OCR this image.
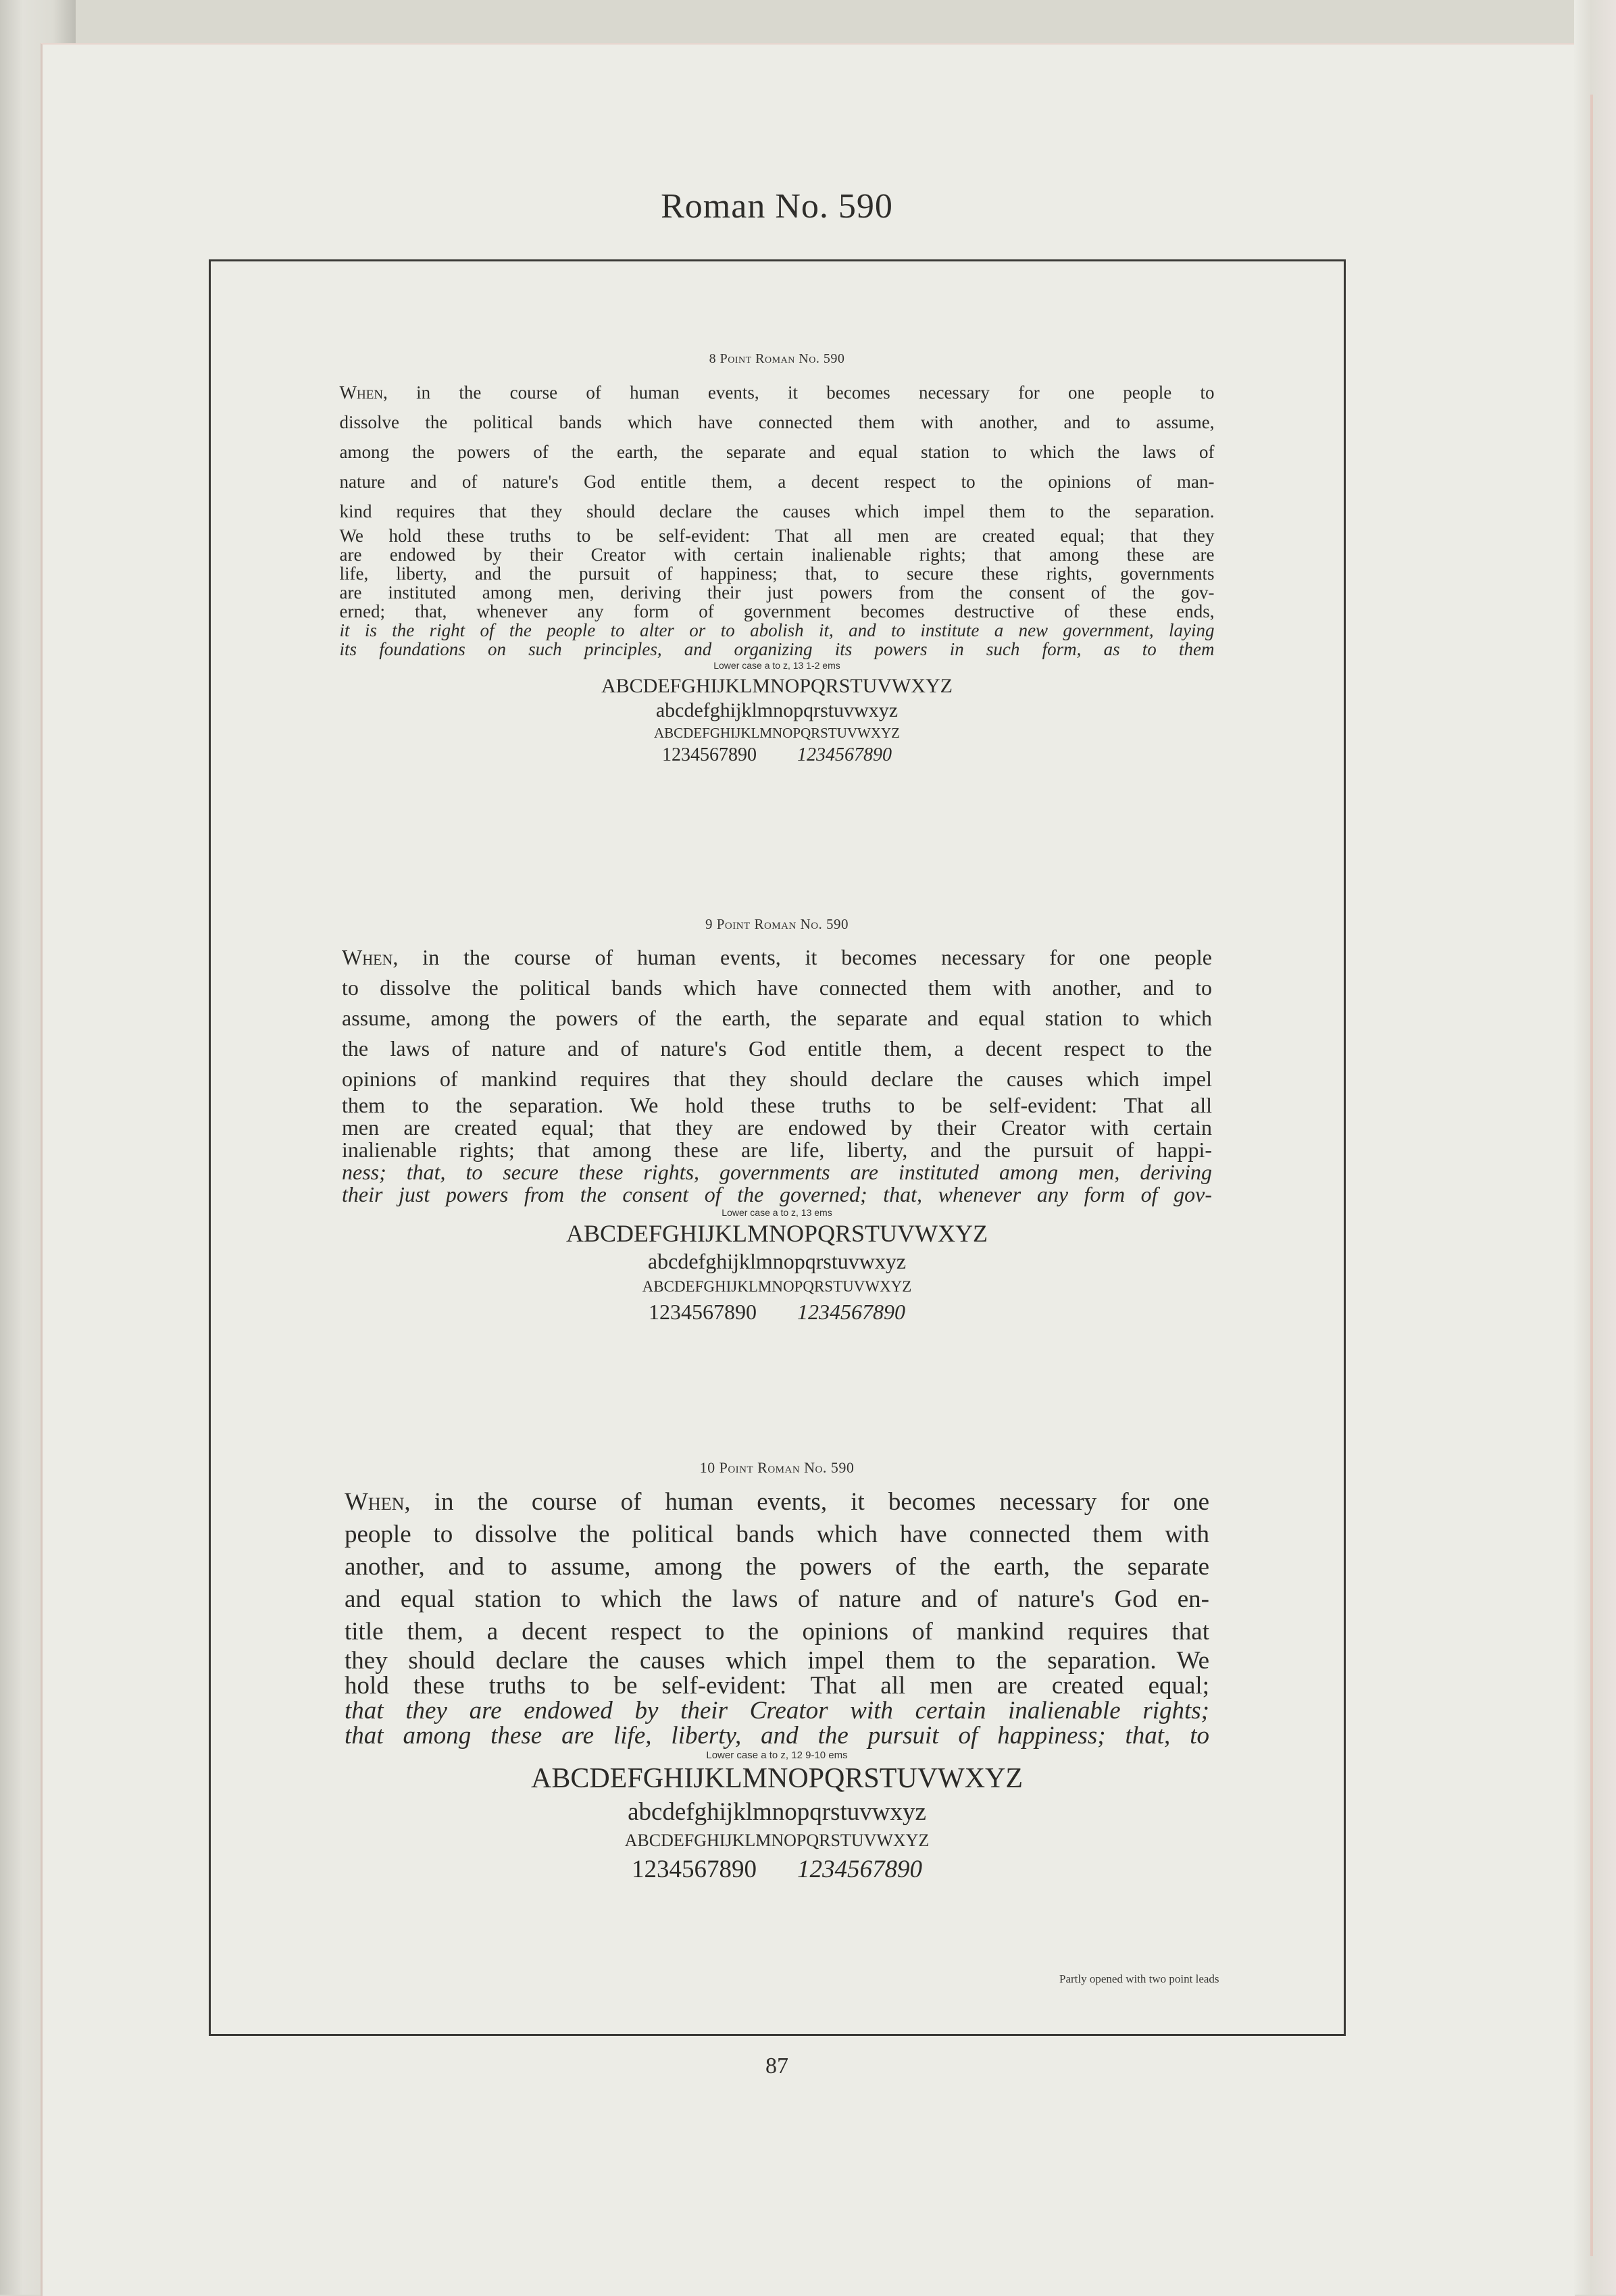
Roman No. 590
8 Point Roman No. 590
When, in the course of human events, it becomes necessary for one people to
dissolve the political bands which have connected them with another, and to assume,
among the powers of the earth, the separate and equal station to which the laws of
nature and of nature's God entitle them, a decent respect to the opinions of man-
kind requires that they should declare the causes which impel them to the separation.
We hold these truths to be self-evident: That all men are created equal; that they
are endowed by their Creator with certain inalienable rights; that among these are
life, liberty, and the pursuit of happiness; that, to secure these rights, governments
are instituted among men, deriving their just powers from the consent of the gov-
erned; that, whenever any form of government becomes destructive of these ends,
it is the right of the people to alter or to abolish it, and to institute a new government, laying
its foundations on such principles, and organizing its powers in such form, as to them
Lower case a to z, 13 1-2 ems
ABCDEFGHIJKLMNOPQRSTUVWXYZ
abcdefghijklmnopqrstuvwxyz
ABCDEFGHIJKLMNOPQRSTUVWXYZ
1234567890 1234567890
9 Point Roman No. 590
When, in the course of human events, it becomes necessary for one people
to dissolve the political bands which have connected them with another, and to
assume, among the powers of the earth, the separate and equal station to which
the laws of nature and of nature's God entitle them, a decent respect to the
opinions of mankind requires that they should declare the causes which impel
them to the separation. We hold these truths to be self-evident: That all
men are created equal; that they are endowed by their Creator with certain
inalienable rights; that among these are life, liberty, and the pursuit of happi-
ness; that, to secure these rights, governments are instituted among men, deriving
their just powers from the consent of the governed; that, whenever any form of gov-
Lower case a to z, 13 ems
ABCDEFGHIJKLMNOPQRSTUVWXYZ
abcdefghijklmnopqrstuvwxyz
ABCDEFGHIJKLMNOPQRSTUVWXYZ
1234567890 1234567890
10 Point Roman No. 590
When, in the course of human events, it becomes necessary for one
people to dissolve the political bands which have connected them with
another, and to assume, among the powers of the earth, the separate
and equal station to which the laws of nature and of nature's God en-
title them, a decent respect to the opinions of mankind requires that
they should declare the causes which impel them to the separation. We
hold these truths to be self-evident: That all men are created equal;
that they are endowed by their Creator with certain inalienable rights;
that among these are life, liberty, and the pursuit of happiness; that, to
Lower case a to z, 12 9-10 ems
ABCDEFGHIJKLMNOPQRSTUVWXYZ
abcdefghijklmnopqrstuvwxyz
ABCDEFGHIJKLMNOPQRSTUVWXYZ
1234567890 1234567890
Partly opened with two point leads
87
